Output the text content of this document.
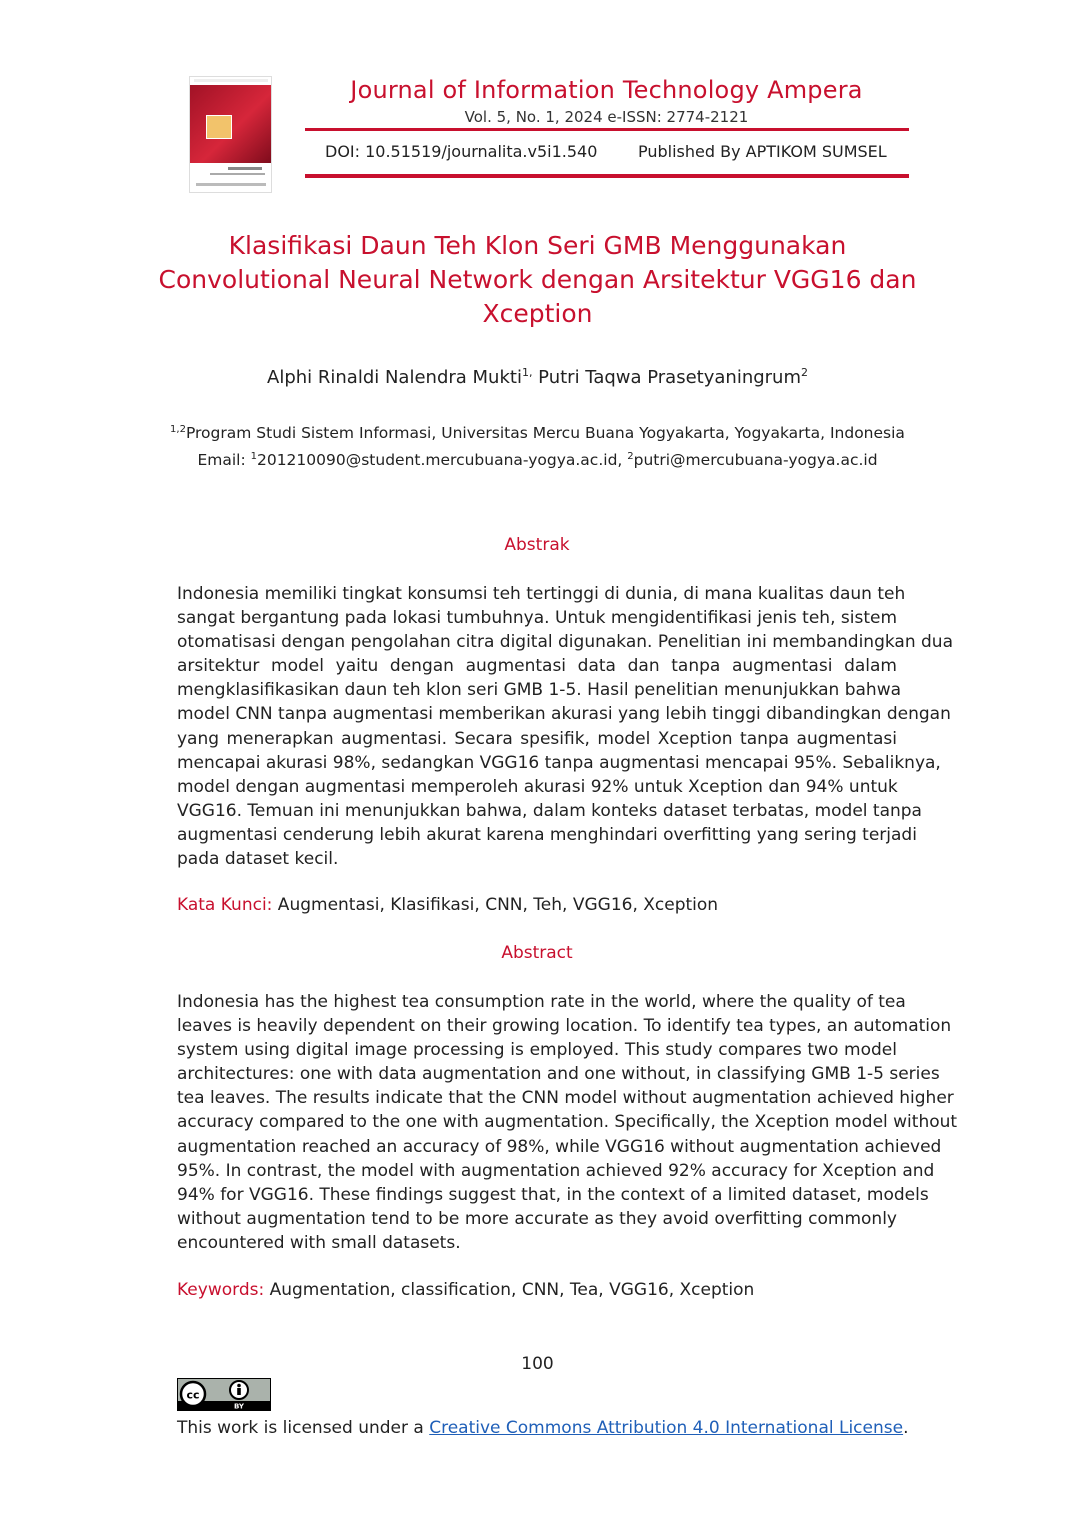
Journal of Information Technology Ampera
Vol. 5, No. 1, 2024 e-ISSN: 2774-2121
DOI: 10.51519/journalita.v5i1.540	Published By APTIKOM SUMSEL
Klasifikasi Daun Teh Klon Seri GMB Menggunakan
Convolutional Neural Network dengan Arsitektur VGG16 dan
Xception
Alphi Rinaldi Nalendra Mukti$^{1,}$ Putri Taqwa Prasetyaningrum$^2$
$^{1,2}$Program Studi Sistem Informasi, Universitas Mercu Buana Yogyakarta, Yogyakarta, Indonesia
Email: $^1$201210090@student.mercubuana-yogya.ac.id, $^2$putri@mercubuana-yogya.ac.id
Abstrak
Indonesia memiliki tingkat konsumsi teh tertinggi di dunia, di mana kualitas daun teh
sangat bergantung pada lokasi tumbuhnya. Untuk mengidentifikasi jenis teh, sistem
otomatisasi dengan pengolahan citra digital digunakan. Penelitian ini membandingkan dua
arsitektur model yaitu dengan augmentasi data dan tanpa augmentasi dalam
mengklasifikasikan daun teh klon seri GMB 1-5. Hasil penelitian menunjukkan bahwa
model CNN tanpa augmentasi memberikan akurasi yang lebih tinggi dibandingkan dengan
yang menerapkan augmentasi. Secara spesifik, model Xception tanpa augmentasi
mencapai akurasi 98%, sedangkan VGG16 tanpa augmentasi mencapai 95%. Sebaliknya,
model dengan augmentasi memperoleh akurasi 92% untuk Xception dan 94% untuk
VGG16. Temuan ini menunjukkan bahwa, dalam konteks dataset terbatas, model tanpa
augmentasi cenderung lebih akurat karena menghindari overfitting yang sering terjadi
pada dataset kecil.
Kata Kunci: Augmentasi, Klasifikasi, CNN, Teh, VGG16, Xception
Abstract
Indonesia has the highest tea consumption rate in the world, where the quality of tea
leaves is heavily dependent on their growing location. To identify tea types, an automation
system using digital image processing is employed. This study compares two model
architectures: one with data augmentation and one without, in classifying GMB 1-5 series
tea leaves. The results indicate that the CNN model without augmentation achieved higher
accuracy compared to the one with augmentation. Specifically, the Xception model without
augmentation reached an accuracy of 98%, while VGG16 without augmentation achieved
95%. In contrast, the model with augmentation achieved 92% accuracy for Xception and
94% for VGG16. These findings suggest that, in the context of a limited dataset, models
without augmentation tend to be more accurate as they avoid overfitting commonly
encountered with small datasets.
Keywords: Augmentation, classification, CNN, Tea, VGG16, Xception
100
cc
BY
This work is licensed under a Creative Commons Attribution 4.0 International License.
